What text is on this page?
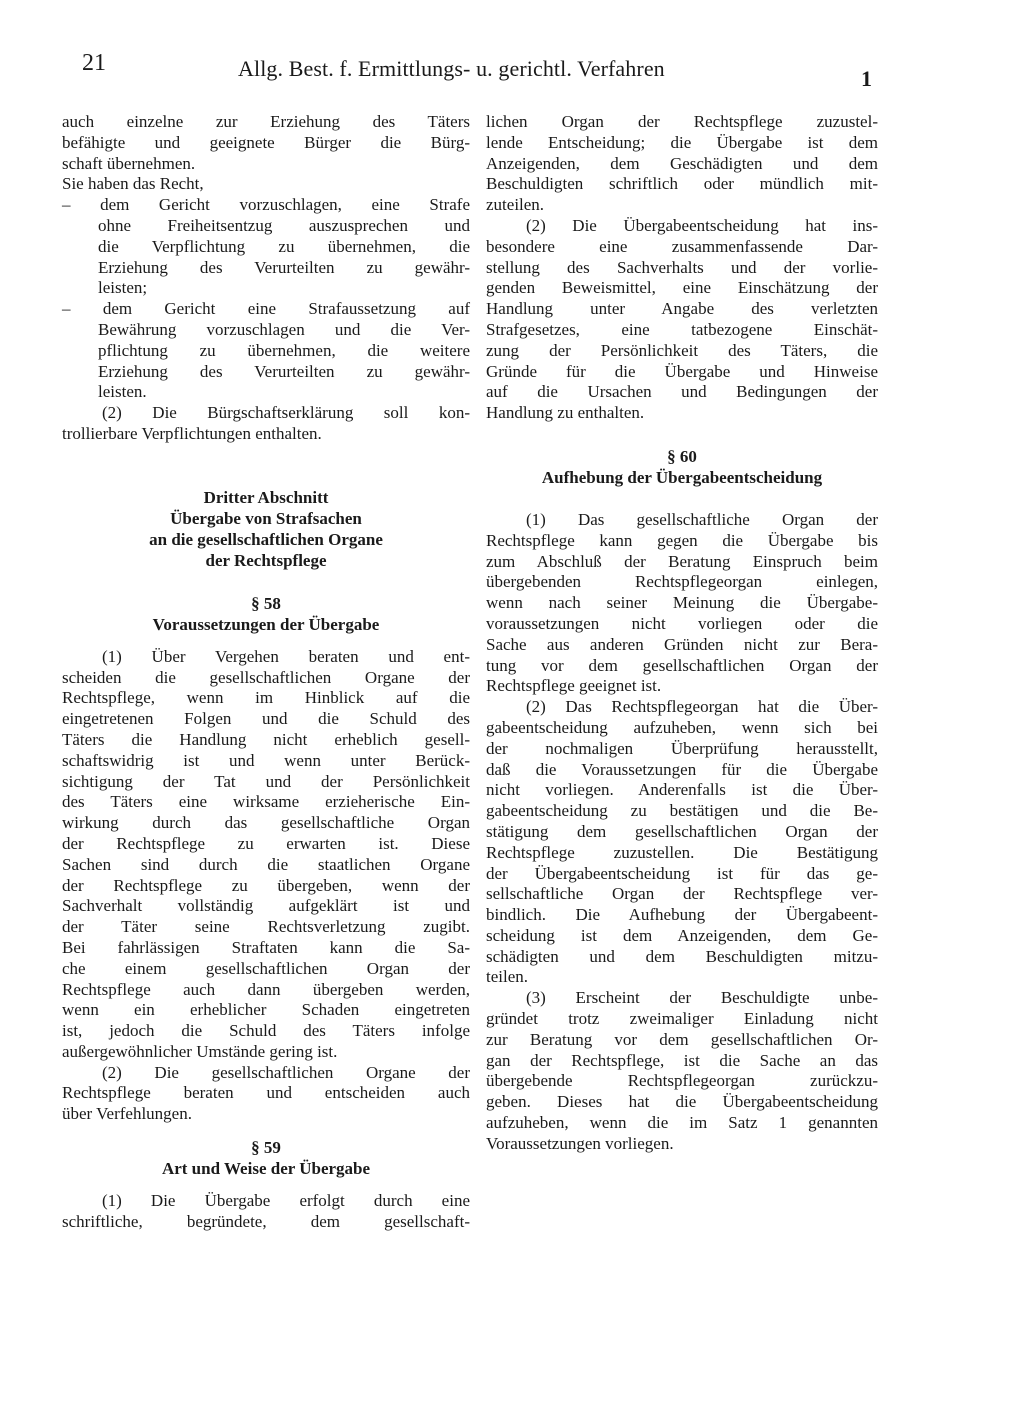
21	Allg. Best. f. Ermittlungs- u. gerichtl. Verfahren	1
auch einzelne zur Erziehung des Täters
befähigte und geeignete Bürger die Bürg-
schaft übernehmen.
Sie haben das Recht,
– dem Gericht vorzuschlagen, eine Strafe
ohne Freiheitsentzug auszusprechen und
die Verpflichtung zu übernehmen, die
Erziehung des Verurteilten zu gewähr-
leisten;
– dem Gericht eine Strafaussetzung auf
Bewährung vorzuschlagen und die Ver-
pflichtung zu übernehmen, die weitere
Erziehung des Verurteilten zu gewähr-
leisten.
(2) Die Bürgschaftserklärung soll kon-
trollierbare Verpflichtungen enthalten.
Dritter Abschnitt
Übergabe von Strafsachen
an die gesellschaftlichen Organe
der Rechtspflege
§ 58
Voraussetzungen der Übergabe
(1) Über Vergehen beraten und ent-
scheiden die gesellschaftlichen Organe der
Rechtspflege, wenn im Hinblick auf die
eingetretenen Folgen und die Schuld des
Täters die Handlung nicht erheblich gesell-
schaftswidrig ist und wenn unter Berück-
sichtigung der Tat und der Persönlichkeit
des Täters eine wirksame erzieherische Ein-
wirkung durch das gesellschaftliche Organ
der Rechtspflege zu erwarten ist. Diese
Sachen sind durch die staatlichen Organe
der Rechtspflege zu übergeben, wenn der
Sachverhalt vollständig aufgeklärt ist und
der Täter seine Rechtsverletzung zugibt.
Bei fahrlässigen Straftaten kann die Sa-
che einem gesellschaftlichen Organ der
Rechtspflege auch dann übergeben werden,
wenn ein erheblicher Schaden eingetreten
ist, jedoch die Schuld des Täters infolge
außergewöhnlicher Umstände gering ist.
(2) Die gesellschaftlichen Organe der
Rechtspflege beraten und entscheiden auch
über Verfehlungen.
§ 59
Art und Weise der Übergabe
(1) Die Übergabe erfolgt durch eine
schriftliche, begründete, dem gesellschaft-
lichen Organ der Rechtspflege zuzustel-
lende Entscheidung; die Übergabe ist dem
Anzeigenden, dem Geschädigten und dem
Beschuldigten schriftlich oder mündlich mit-
zuteilen.
(2) Die Übergabeentscheidung hat ins-
besondere eine zusammenfassende Dar-
stellung des Sachverhalts und der vorlie-
genden Beweismittel, eine Einschätzung der
Handlung unter Angabe des verletzten
Strafgesetzes, eine tatbezogene Einschät-
zung der Persönlichkeit des Täters, die
Gründe für die Übergabe und Hinweise
auf die Ursachen und Bedingungen der
Handlung zu enthalten.
§ 60
Aufhebung der Übergabeentscheidung
(1) Das gesellschaftliche Organ der
Rechtspflege kann gegen die Übergabe bis
zum Abschluß der Beratung Einspruch beim
übergebenden Rechtspflegeorgan einlegen,
wenn nach seiner Meinung die Übergabe-
voraussetzungen nicht vorliegen oder die
Sache aus anderen Gründen nicht zur Bera-
tung vor dem gesellschaftlichen Organ der
Rechtspflege geeignet ist.
(2) Das Rechtspflegeorgan hat die Über-
gabeentscheidung aufzuheben, wenn sich bei
der nochmaligen Überprüfung herausstellt,
daß die Voraussetzungen für die Übergabe
nicht vorliegen. Anderenfalls ist die Über-
gabeentscheidung zu bestätigen und die Be-
stätigung dem gesellschaftlichen Organ der
Rechtspflege zuzustellen. Die Bestätigung
der Übergabeentscheidung ist für das ge-
sellschaftliche Organ der Rechtspflege ver-
bindlich. Die Aufhebung der Übergabeent-
scheidung ist dem Anzeigenden, dem Ge-
schädigten und dem Beschuldigten mitzu-
teilen.
(3) Erscheint der Beschuldigte unbe-
gründet trotz zweimaliger Einladung nicht
zur Beratung vor dem gesellschaftlichen Or-
gan der Rechtspflege, ist die Sache an das
übergebende Rechtspflegeorgan zurückzu-
geben. Dieses hat die Übergabeentscheidung
aufzuheben, wenn die im Satz 1 genannten
Voraussetzungen vorliegen.
